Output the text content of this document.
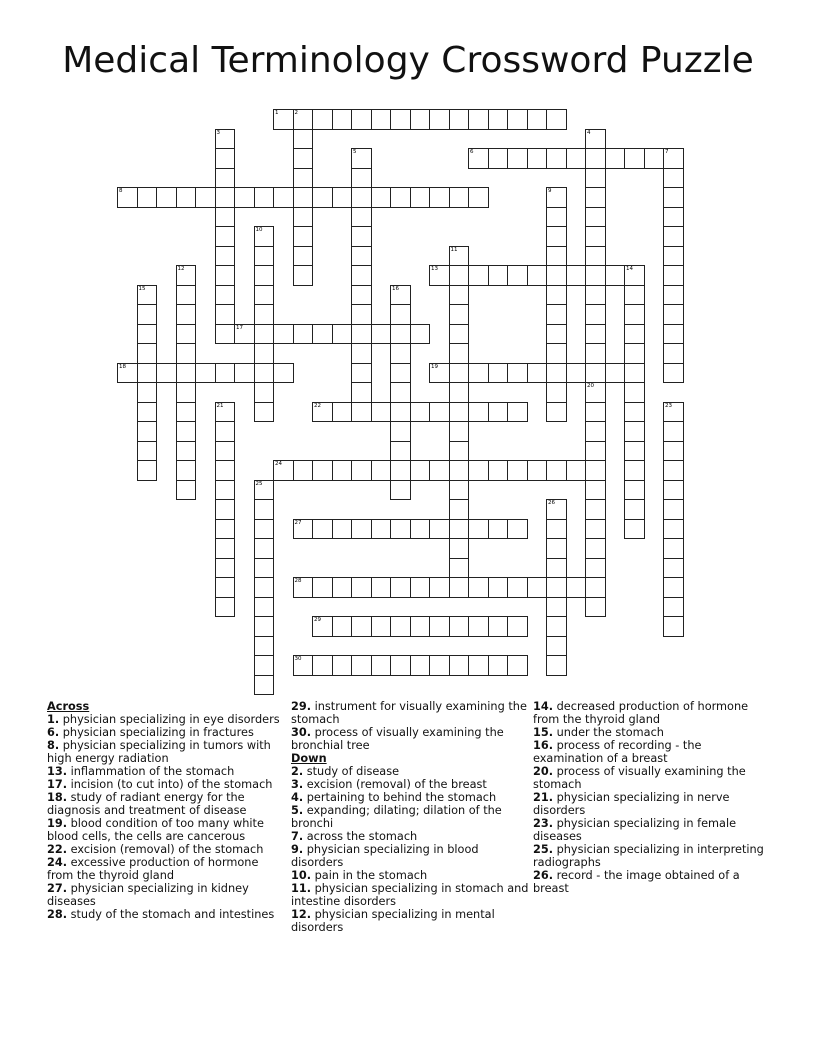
Medical Terminology Crossword Puzzle
1	2
3	4
5	6	7
8	9
10
11
12	13	14
15	16
17
18	19
20
21	22	23
24
25
26
27
28
29
30
Across

1. physician specializing in eye disorders

6. physician specializing in fractures

8. physician specializing in tumors with high energy radiation

13. inflammation of the stomach

17. incision (to cut into) of the stomach

18. study of radiant energy for the diagnosis and treatment of disease

19. blood condition of too many white blood cells, the cells are cancerous

22. excision (removal) of the stomach

24. excessive production of hormone from the thyroid gland

27. physician specializing in kidney diseases

28. study of the stomach and intestines

29. instrument for visually examining the stomach

30. process of visually examining the bronchial tree

Down

2. study of disease

3. excision (removal) of the breast

4. pertaining to behind the stomach

5. expanding; dilating; dilation of the bronchi

7. across the stomach

9. physician specializing in blood disorders

10. pain in the stomach

11. physician specializing in stomach and intestine disorders

12. physician specializing in mental disorders

14. decreased production of hormone from the thyroid gland

15. under the stomach

16. process of recording - the examination of a breast

20. process of visually examining the stomach

21. physician specializing in nerve disorders

23. physician specializing in female diseases

25. physician specializing in interpreting radiographs

26. record - the image obtained of a breast
